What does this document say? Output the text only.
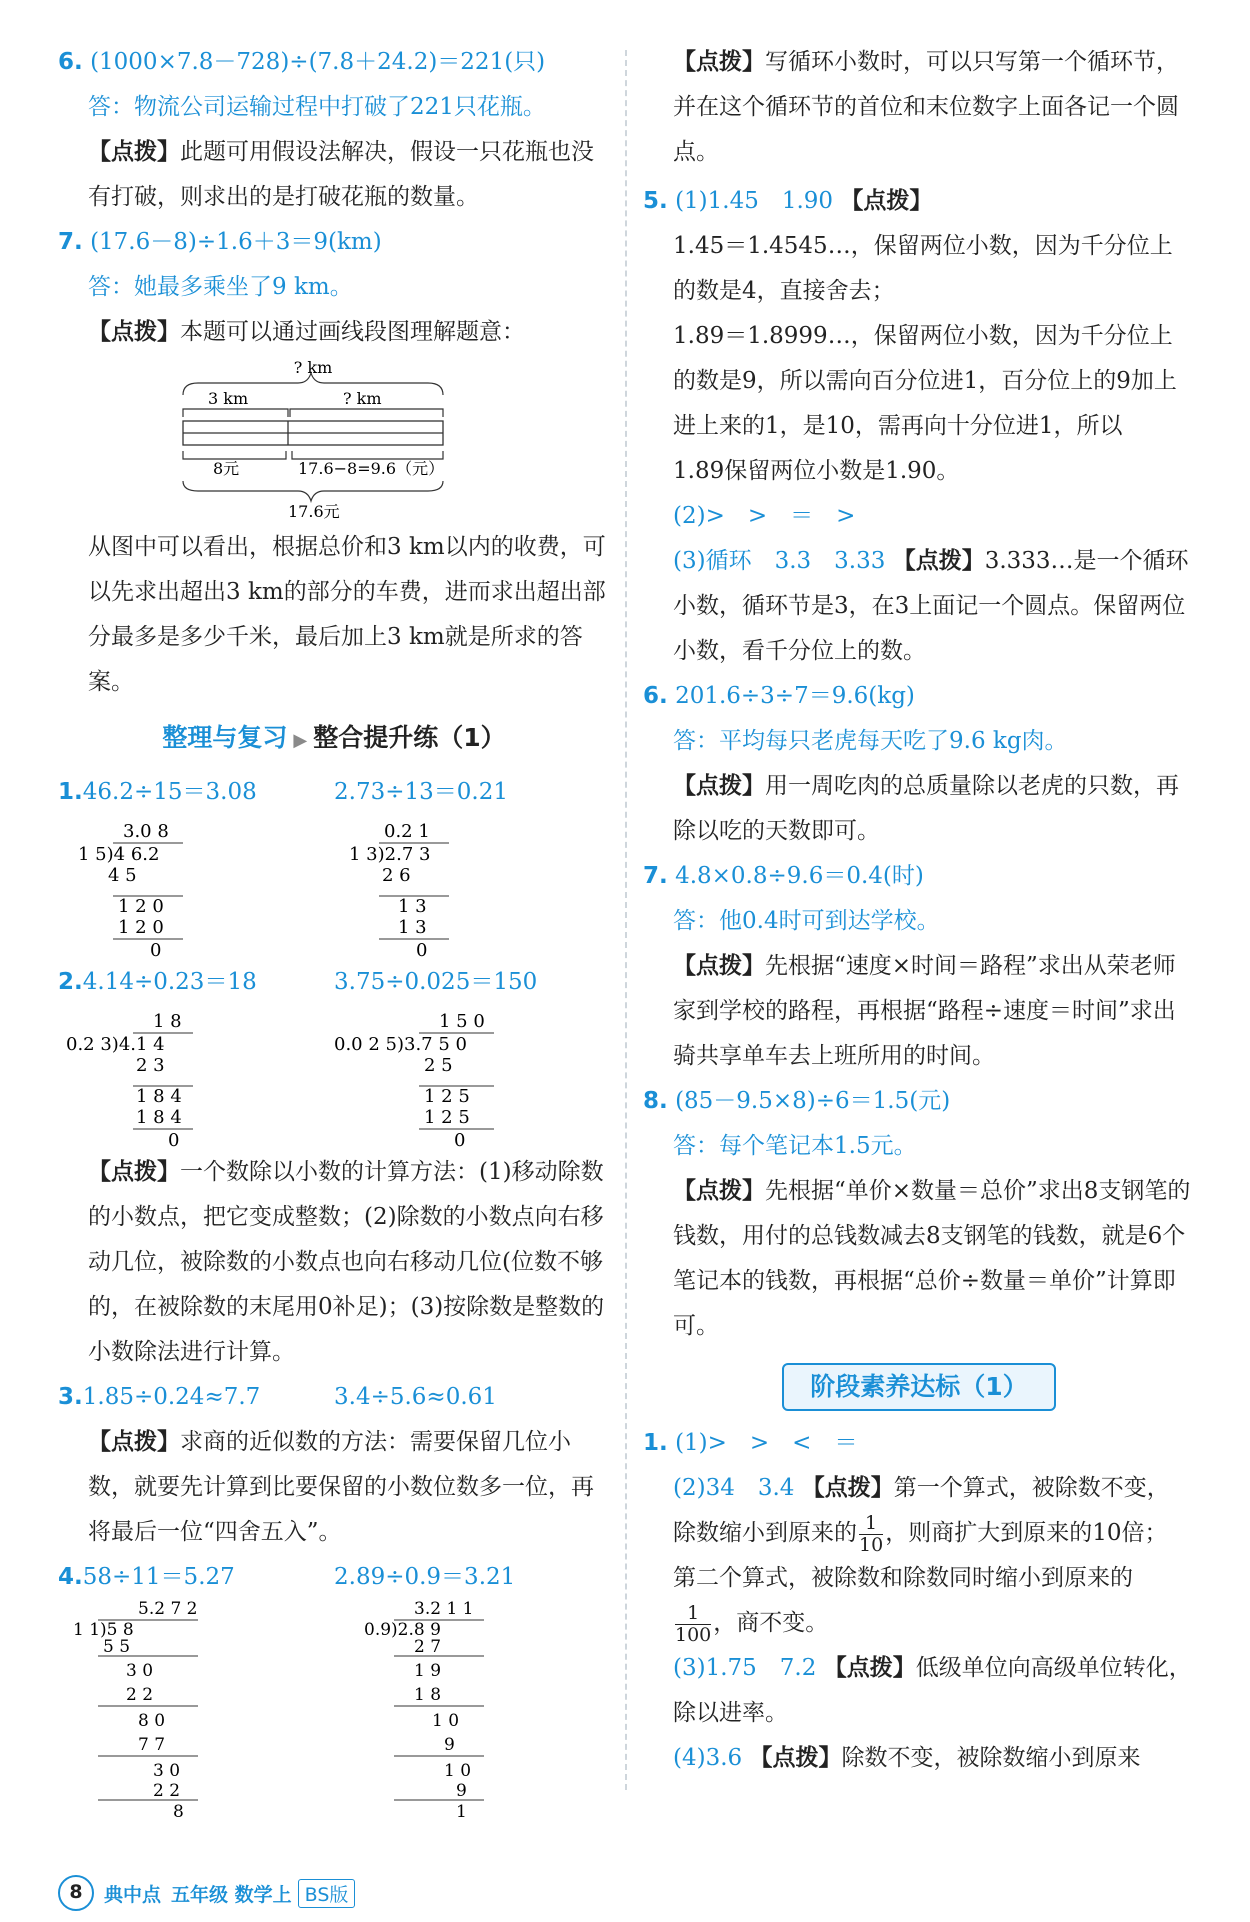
6. (1000×7.8－728)÷(7.8＋24.2)＝221(只)
答：物流公司运输过程中打破了221只花瓶。
【点拨】此题可用假设法解决，假设一只花瓶也没有打破，则求出的是打破花瓶的数量。
7. (17.6－8)÷1.6＋3＝9(km)
答：她最多乘坐了9 km。
【点拨】本题可以通过画线段图理解题意：
? km
3 km	? km
8元	17.6−8=9.6（元）
17.6元
从图中可以看出，根据总价和3 km以内的收费，可以先求出超出3 km的部分的车费，进而求出超出部分最多是多少千米，最后加上3 km就是所求的答案。
整理与复习 ▶ 整合提升练（1）
1.46.2÷15＝3.08	2.73÷13＝0.21
3.0 8
1 5)4 6.2
4 5
1 2 0
1 2 0
0
0.2 1
1 3)2.7 3
2 6
1 3
1 3
0
2.4.14÷0.23＝18	3.75÷0.025＝150
1 8
0.2 3)4.1 4
2 3
1 8 4
1 8 4
0
1 5 0
0.0 2 5)3.7 5 0
2 5
1 2 5
1 2 5
0
【点拨】一个数除以小数的计算方法：(1)移动除数的小数点，把它变成整数；(2)除数的小数点向右移动几位，被除数的小数点也向右移动几位(位数不够的，在被除数的末尾用0补足)；(3)按除数是整数的小数除法进行计算。
3.1.85÷0.24≈7.7	3.4÷5.6≈0.61
【点拨】求商的近似数的方法：需要保留几位小数，就要先计算到比要保留的小数位数多一位，再将最后一位“四舍五入”。
4.58÷11＝5.27	2.89÷0.9＝3.21
5.2 7 2
1 1)5 8
5 5
3 0
2 2
8 0
7 7
3 0
2 2
8
3.2 1 1
0.9)2.8 9
2 7
1 9
1 8
1 0
9
1 0
9
1
【点拨】写循环小数时，可以只写第一个循环节，并在这个循环节的首位和末位数字上面各记一个圆点。
5. (1)1.45　1.90 【点拨】
1.45＝1.4545…，保留两位小数，因为千分位上的数是4，直接舍去；
1.89＝1.8999…，保留两位小数，因为千分位上的数是9，所以需向百分位进1，百分位上的9加上进上来的1，是10，需再向十分位进1，所以
1.89保留两位小数是1.90。
(2)>　>　＝　>
(3)循环　3.3　3.33 【点拨】3.333…是一个循环小数，循环节是3，在3上面记一个圆点。保留两位小数，看千分位上的数。
6. 201.6÷3÷7＝9.6(kg)
答：平均每只老虎每天吃了9.6 kg肉。
【点拨】用一周吃肉的总质量除以老虎的只数，再除以吃的天数即可。
7. 4.8×0.8÷9.6＝0.4(时)
答：他0.4时可到达学校。
【点拨】先根据“速度×时间＝路程”求出从荣老师家到学校的路程，再根据“路程÷速度＝时间”求出骑共享单车去上班所用的时间。
8. (85－9.5×8)÷6＝1.5(元)
答：每个笔记本1.5元。
【点拨】先根据“单价×数量＝总价”求出8支钢笔的钱数，用付的总钱数减去8支钢笔的钱数，就是6个笔记本的钱数，再根据“总价÷数量＝单价”计算即可。
阶段素养达标（1）
1. (1)>　>　<　＝
(2)34　3.4 【点拨】第一个算式，被除数不变，
除数缩小到原来的 $\frac{1}{10}$ ，则商扩大到原来的10倍；
第二个算式，被除数和除数同时缩小到原来的
$\frac{1}{100}$ ，商不变。
(3)1.75　7.2 【点拨】低级单位向高级单位转化，除以进率。
(4)3.6 【点拨】除数不变，被除数缩小到原来
8	典中点 五年级 数学上 BS版
